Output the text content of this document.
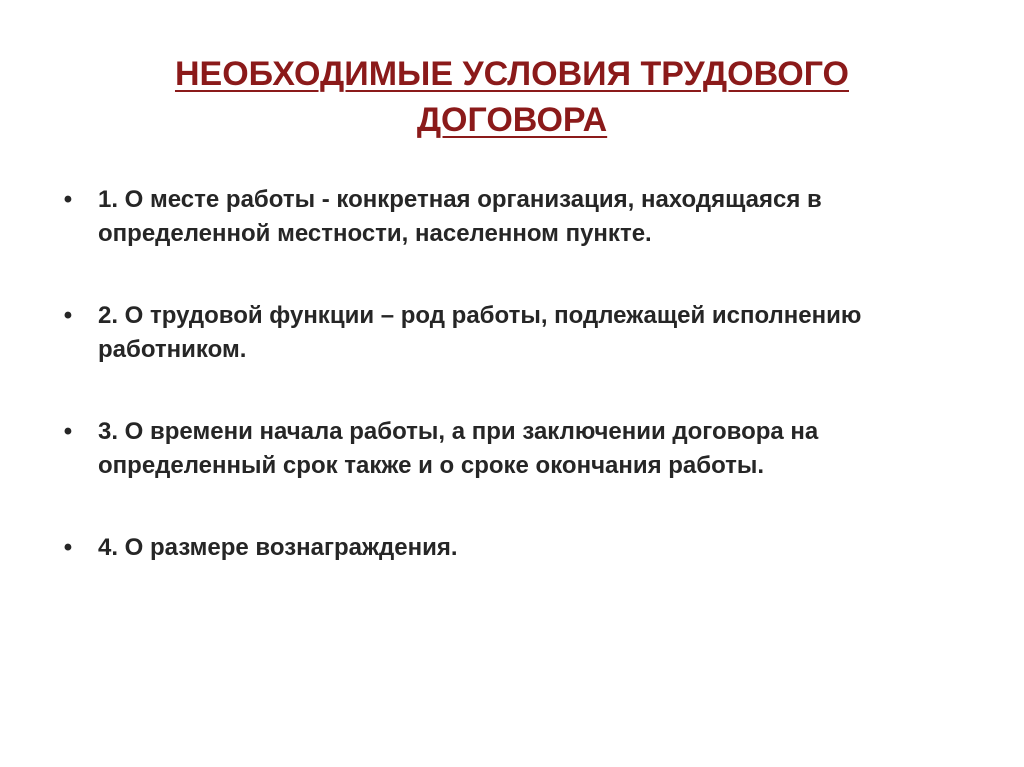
НЕОБХОДИМЫЕ УСЛОВИЯ ТРУДОВОГО
ДОГОВОРА
• 1. О месте работы - конкретная организация, находящаяся в определенной местности, населенном пункте.
• 2. О трудовой функции – род работы, подлежащей исполнению работником.
• 3. О времени начала работы, а при заключении договора на определенный срок также и о сроке окончания работы.
• 4. О размере вознаграждения.
